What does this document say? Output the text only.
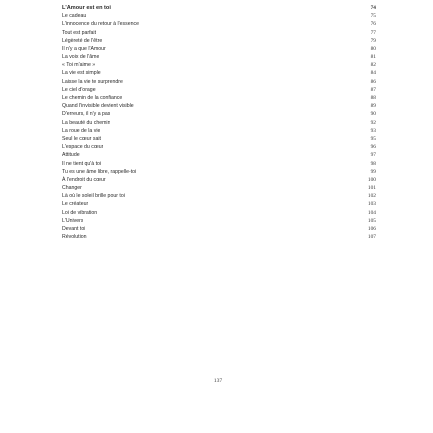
L'Amour est en toi	74
Le cadeau	75
L'innocence du retour à l'essence	76
Tout est parfait	77
Légèreté de l'être	79
Il n'y a que l'Amour	80
La voix de l'âme	81
« Toi m'aime »	82
La vie est simple	84
Laisse la vie te surprendre	86
Le ciel d'orage	87
Le chemin de la confiance	88
Quand l'invisible devient visible	89
D'erreurs, il n'y a pas	90
La beauté du chemin	92
La roue de la vie	93
Seul le cœur sait	95
L'espace du cœur	96
Attitude	97
Il ne tient qu'à toi	98
Tu es une âme libre, rappelle-toi	99
À l'endroit du cœur	100
Changer	101
Là où le soleil brille pour toi	102
Le créateur	103
Loi de vibration	104
L'Univers	105
Devant toi	106
Révolution	107
137
